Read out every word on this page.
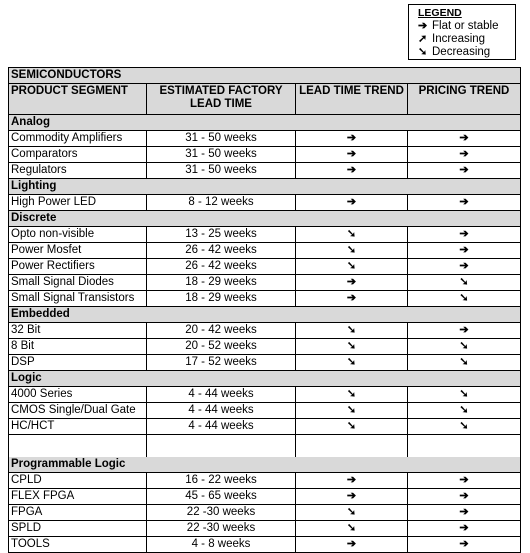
LEGEND
➔ Flat or stable
➚ Increasing
➘ Decreasing
SEMICONDUCTORS			
PRODUCT SEGMENT	ESTIMATED FACTORY LEAD TIME	LEAD TIME TREND	PRICING TREND
Analog			
Commodity Amplifiers	31 - 50 weeks	➔	➔
Comparators	31 - 50 weeks	➔	➔
Regulators	31 - 50 weeks	➔	➔
Lighting			
High Power LED	8 - 12 weeks	➔	➔
Discrete			
Opto non-visible	13 - 25 weeks	➘	➔
Power Mosfet	26 - 42 weeks	➘	➔
Power Rectifiers	26 - 42 weeks	➘	➔
Small Signal Diodes	18 - 29 weeks	➔	➘
Small Signal Transistors	18 - 29 weeks	➔	➘
Embedded			
32 Bit	20 - 42 weeks	➘	➔
8 Bit	20 - 52 weeks	➘	➘
DSP	17 - 52 weeks	➘	➘
Logic			
4000 Series	4 - 44 weeks	➘	➘
CMOS Single/Dual Gate	4 - 44 weeks	➘	➘
HC/HCT	4 - 44 weeks	➘	➘

Programmable Logic			
CPLD	16 - 22 weeks	➔	➔
FLEX FPGA	45 - 65 weeks	➔	➔
FPGA	22 -30 weeks	➘	➔
SPLD	22 -30 weeks	➘	➔
TOOLS	4 - 8 weeks	➔	➔
